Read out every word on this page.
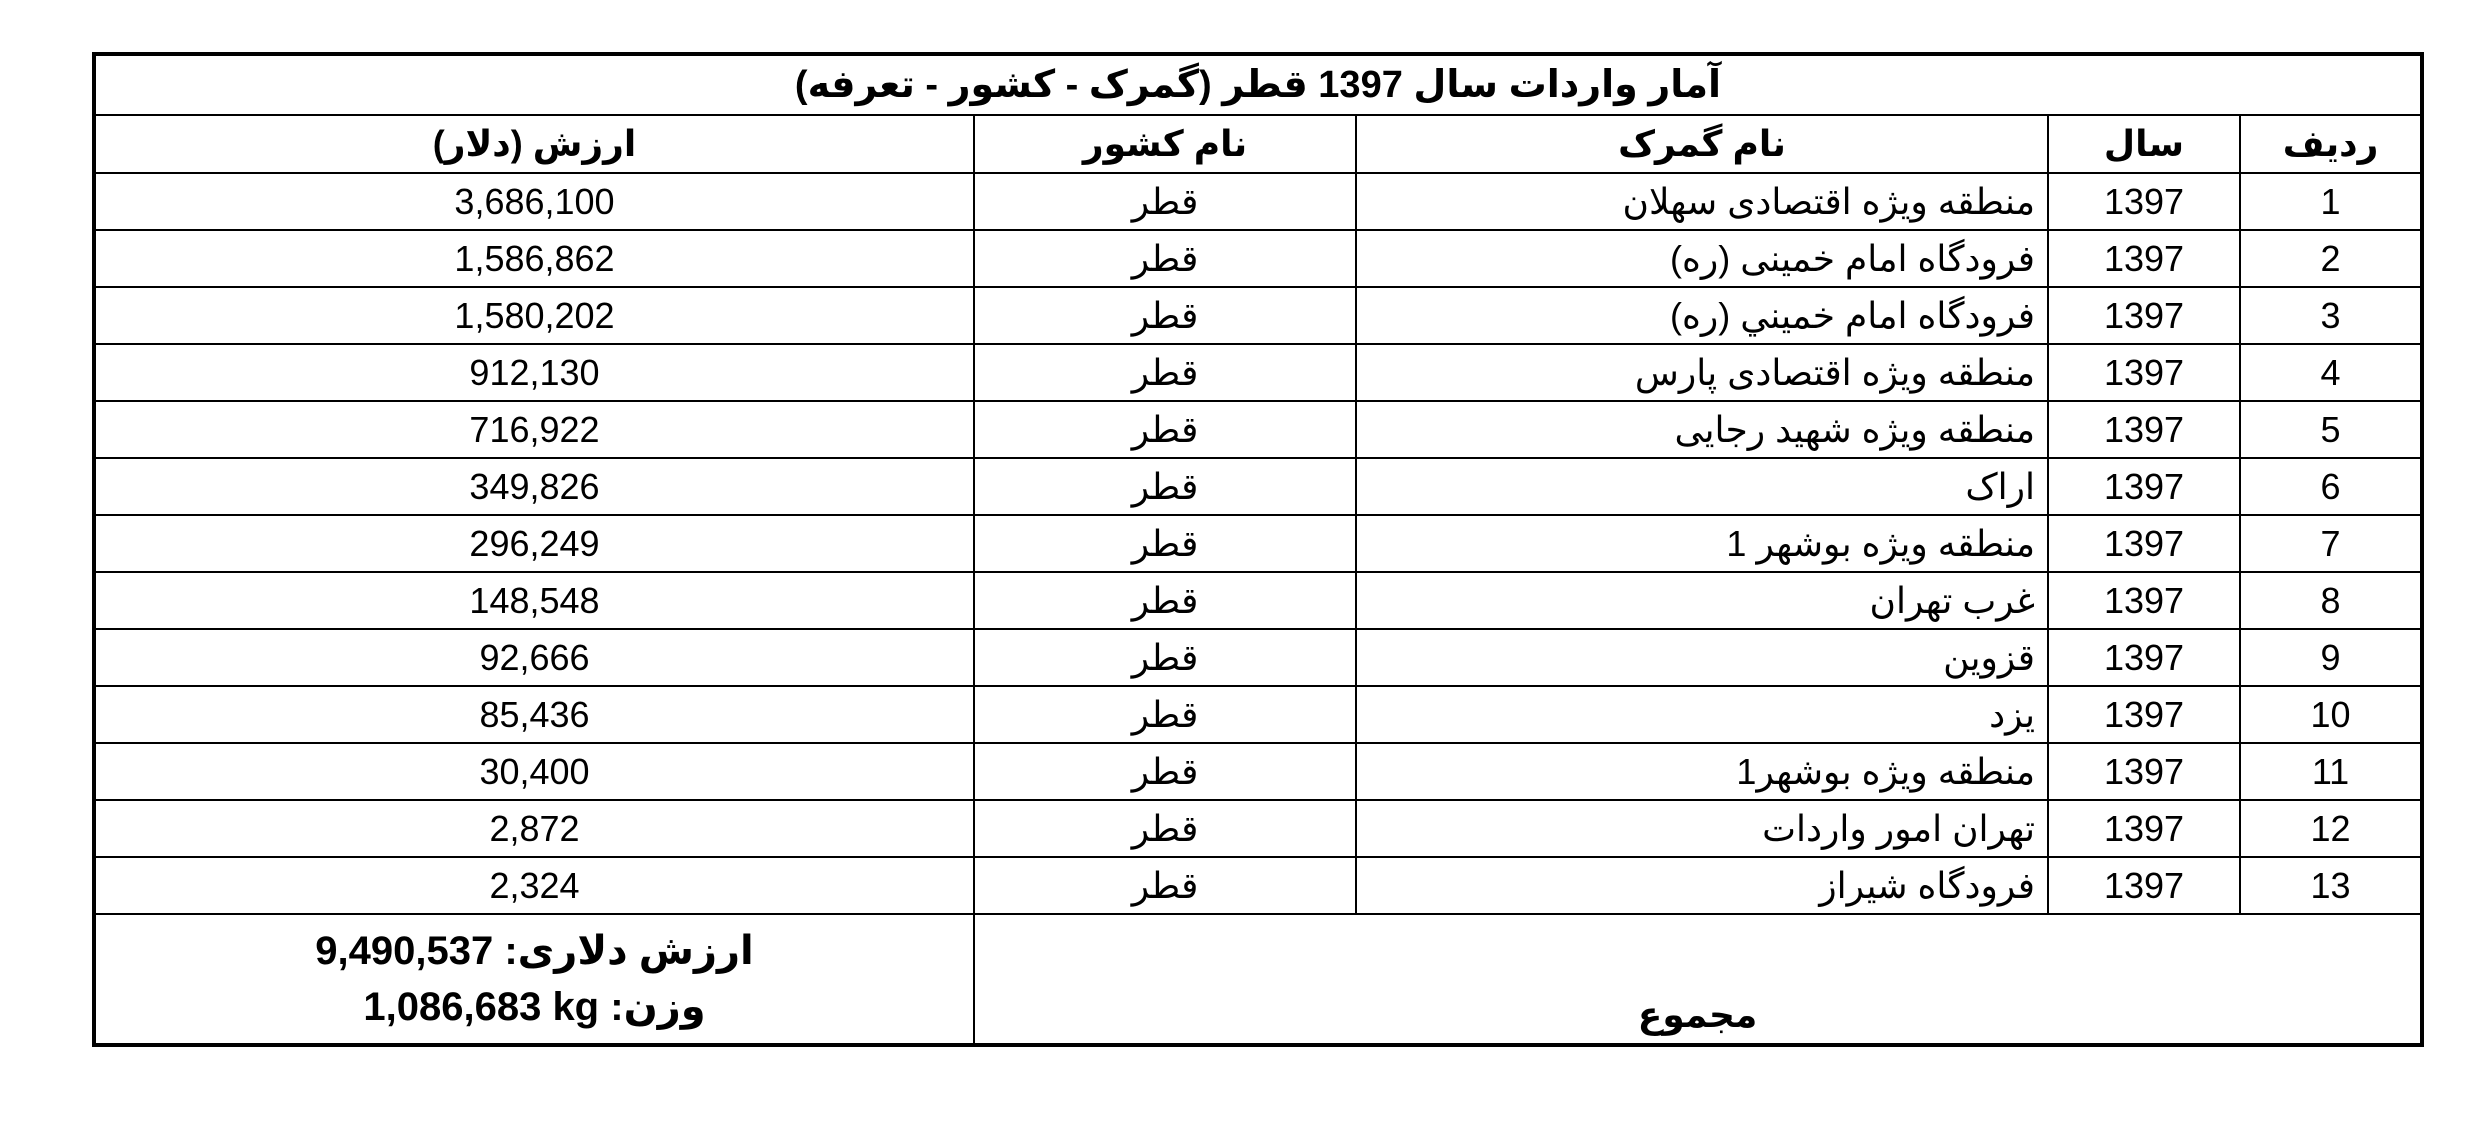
آمار واردات سال 1397 قطر (گمرک - کشور - تعرفه)				
ردیف	سال	نام گمرک	نام کشور	ارزش (دلار)
1	1397	منطقه ویژه اقتصادی سهلان	قطر	3,686,100
2	1397	فرودگاه امام خمینی (ره)	قطر	1,586,862
3	1397	فرودگاه امام خميني (ره)	قطر	1,580,202
4	1397	منطقه ویژه اقتصادی پارس	قطر	912,130
5	1397	منطقه ویژه شهید رجایی	قطر	716,922
6	1397	اراک	قطر	349,826
7	1397	منطقه ویژه بوشهر 1	قطر	296,249
8	1397	غرب تهران	قطر	148,548
9	1397	قزوین	قطر	92,666
10	1397	یزد	قطر	85,436
11	1397	منطقه ویژه بوشهر1	قطر	30,400
12	1397	تهران امور واردات	قطر	2,872
13	1397	فرودگاه شیراز	قطر	2,324
مجموع				ارزش دلاری: 9,490,537
وزن: 1,086,683 kg
